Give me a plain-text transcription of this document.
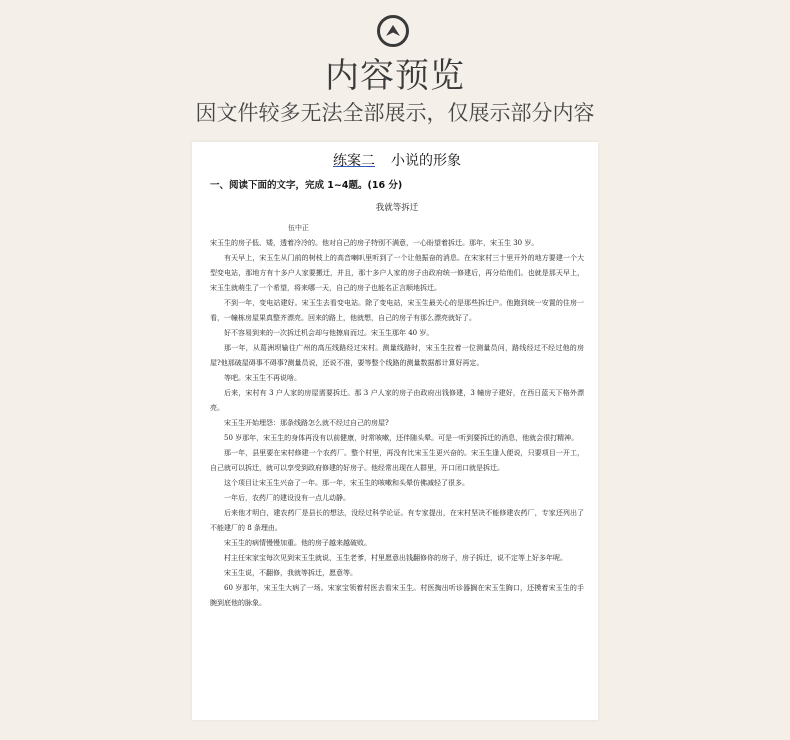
内容预览
因文件较多无法全部展示，仅展示部分内容
练案二 小说的形象
一、阅读下面的文字，完成 1~4题。(16 分)
我就等拆迁
伍中正

宋玉生的房子低、矮，透着冷冷的。他对自己的房子特别不满意，一心盼望着拆迁。那年，宋玉生 30 岁。

有天早上，宋玉生从门前的树枝上的高音喇叭里听到了一个让他振奋的消息。在宋家村三十里开外的地方要建一个大型变电站，那地方有十多户人家要搬迁，并且，那十多户人家的房子由政府统一修建后，再分给他们。也就是那天早上，宋玉生就萌生了一个希望，将来哪一天，自己的房子也能名正言顺地拆迁。

不到一年，变电站建好。宋玉生去看变电站。除了变电站，宋玉生最关心的是那些拆迁户。他跑到统一安置的住房一看，一幢栋房屋果真整齐漂亮。回来的路上，他就想，自己的房子有那么漂亮就好了。

好不容易到来的一次拆迁机会却与他擦肩而过。宋玉生那年 40 岁。

那一年，从葛洲坝输往广州的高压线路经过宋村。测量线路时，宋玉生拉着一位测量员问，路线经过不经过他的房屋?他那破屋碍事不碍事?测量员说，还说不准，要等整个线路的测量数据都计算好再定。

等吧。宋玉生不再说啥。

后来，宋村有 3 户人家的房屋需要拆迁。那 3 户人家的房子由政府出钱修建，3 幢房子建好，在西日蓝天下格外漂亮。

宋玉生开始埋怨：那条线路怎么就不经过自己的房屋?

50 岁那年，宋玉生的身体再没有以前健康，时常咳嗽，还伴随头晕。可是一听到要拆迁的消息，他就会很打精神。

那一年，县里要在宋村修建一个农药厂。整个村里，再没有比宋玉生更兴奋的。宋玉生逢人便说，只要项目一开工，自己就可以拆迁，就可以享受到政府修建的好房子。他经常出现在人群里，开口闭口就是拆迁。

这个项目让宋玉生兴奋了一年。那一年，宋玉生的咳嗽和头晕仿佛减轻了很多。

一年后，农药厂的建设没有一点儿动静。

后来他才明白，建农药厂是县长的想法，没经过科学论证。有专家提出，在宋村坚决不能修建农药厂，专家还列出了不能建厂的 8 条理由。

宋玉生的病情慢慢加重。他的房子越来越破败。

村主任宋家宝每次见到宋玉生就说，玉生老爹，村里愿意出钱翻修你的房子，房子拆迁，说不定等上好多年呢。

宋玉生说，不翻修，我就等拆迁，愿意等。

60 岁那年，宋玉生大病了一场。宋家宝领着村医去看宋玉生。村医掏出听诊器搁在宋玉生胸口，还摸着宋玉生的手腕到底他的脉象。
